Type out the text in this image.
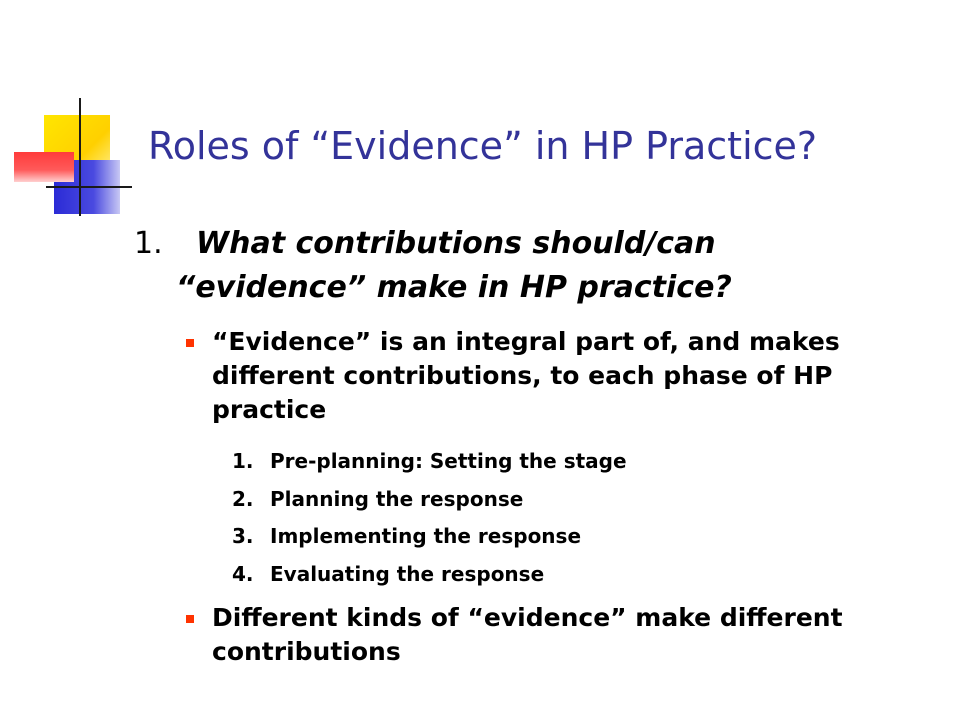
Roles of “Evidence” in HP Practice?
1. What contributions should/can
“evidence” make in HP practice?
“Evidence” is an integral part of, and makes different contributions, to each phase of HP practice
1. Pre-planning: Setting the stage
2. Planning the response
3. Implementing the response
4. Evaluating the response
Different kinds of “evidence” make different contributions
